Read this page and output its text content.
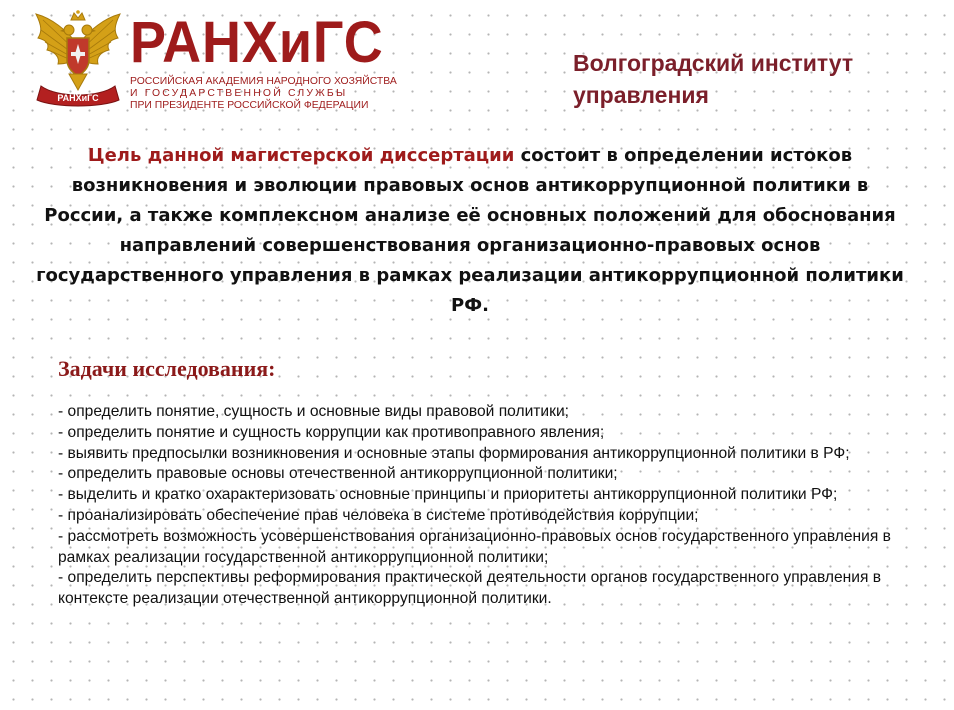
РАНХиГС
РАНХиГС
РОССИЙСКАЯ АКАДЕМИЯ НАРОДНОГО ХОЗЯЙСТВА
И ГОСУДАРСТВЕННОЙ СЛУЖБЫ
ПРИ ПРЕЗИДЕНТЕ РОССИЙСКОЙ ФЕДЕРАЦИИ
Волгоградский институт
управления
Цель данной магистерской диссертации состоит в определении истоков возникновения и эволюции правовых основ антикоррупционной политики в России, а также комплексном анализе её основных положений для обоснования направлений совершенствования организационно-правовых основ государственного управления в рамках реализации антикоррупционной политики РФ.
Задачи исследования:
- определить понятие, сущность и основные виды правовой политики;
- определить понятие и сущность коррупции как противоправного явления;
- выявить предпосылки возникновения и основные этапы формирования антикоррупционной политики в РФ;
- определить правовые основы отечественной антикоррупционной политики;
- выделить и кратко охарактеризовать основные принципы и приоритеты антикоррупционной политики РФ;
- проанализировать обеспечение прав человека в системе противодействия коррупции;
- рассмотреть возможность усовершенствования организационно-правовых основ государственного управления в рамках реализации государственной антикоррупционной политики;
- определить перспективы реформирования практической деятельности органов государственного управления в контексте реализации отечественной антикоррупционной политики.
